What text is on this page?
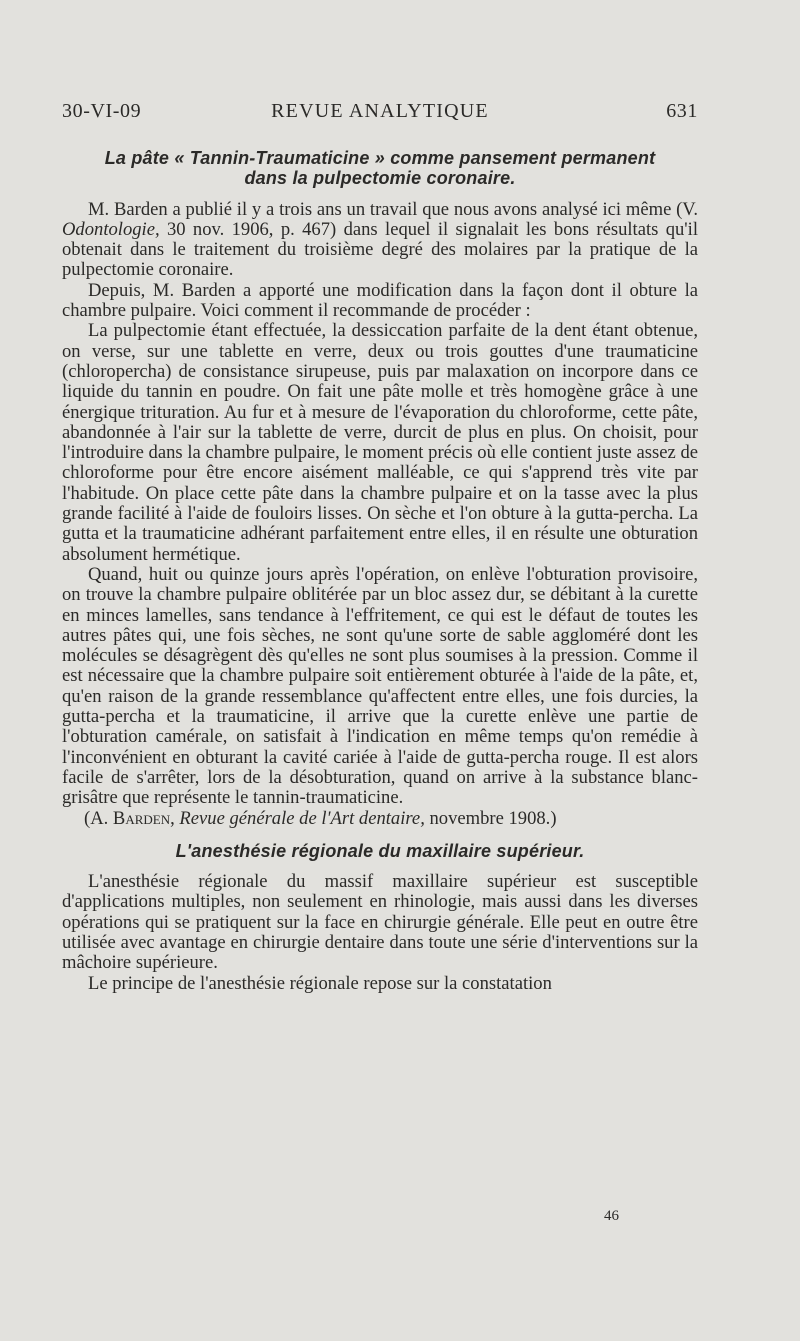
30-VI-09	REVUE ANALYTIQUE	631
La pâte « Tannin-Traumaticine » comme pansement permanent
dans la pulpectomie coronaire.

M. Barden a publié il y a trois ans un travail que nous avons analysé ici même (V. Odontologie, 30 nov. 1906, p. 467) dans lequel il signalait les bons résultats qu'il obtenait dans le traitement du troisième degré des molaires par la pratique de la pulpectomie coronaire.

Depuis, M. Barden a apporté une modification dans la façon dont il obture la chambre pulpaire. Voici comment il recommande de procéder :

La pulpectomie étant effectuée, la dessiccation parfaite de la dent étant obtenue, on verse, sur une tablette en verre, deux ou trois gouttes d'une traumaticine (chloropercha) de consistance sirupeuse, puis par malaxation on incorpore dans ce liquide du tannin en poudre. On fait une pâte molle et très homogène grâce à une énergique trituration. Au fur et à mesure de l'évaporation du chloroforme, cette pâte, abandonnée à l'air sur la tablette de verre, durcit de plus en plus. On choisit, pour l'introduire dans la chambre pulpaire, le moment précis où elle contient juste assez de chloroforme pour être encore aisément malléable, ce qui s'apprend très vite par l'habitude. On place cette pâte dans la chambre pulpaire et on la tasse avec la plus grande facilité à l'aide de fouloirs lisses. On sèche et l'on obture à la gutta-percha. La gutta et la traumaticine adhérant parfaitement entre elles, il en résulte une obturation absolument hermétique.

Quand, huit ou quinze jours après l'opération, on enlève l'obturation provisoire, on trouve la chambre pulpaire oblitérée par un bloc assez dur, se débitant à la curette en minces lamelles, sans tendance à l'effritement, ce qui est le défaut de toutes les autres pâtes qui, une fois sèches, ne sont qu'une sorte de sable aggloméré dont les molécules se désagrègent dès qu'elles ne sont plus soumises à la pression. Comme il est nécessaire que la chambre pulpaire soit entièrement obturée à l'aide de la pâte, et, qu'en raison de la grande ressemblance qu'affectent entre elles, une fois durcies, la gutta-percha et la traumaticine, il arrive que la curette enlève une partie de l'obturation camérale, on satisfait à l'indication en même temps qu'on remédie à l'inconvénient en obturant la cavité cariée à l'aide de gutta-percha rouge. Il est alors facile de s'arrêter, lors de la désobturation, quand on arrive à la substance blanc-grisâtre que représente le tannin-traumaticine.

(A. Barden, Revue générale de l'Art dentaire, novembre 1908.)

L'anesthésie régionale du maxillaire supérieur.

L'anesthésie régionale du massif maxillaire supérieur est susceptible d'applications multiples, non seulement en rhinologie, mais aussi dans les diverses opérations qui se pratiquent sur la face en chirurgie générale. Elle peut en outre être utilisée avec avantage en chirurgie dentaire dans toute une série d'interventions sur la mâchoire supérieure.

Le principe de l'anesthésie régionale repose sur la constatation

46
